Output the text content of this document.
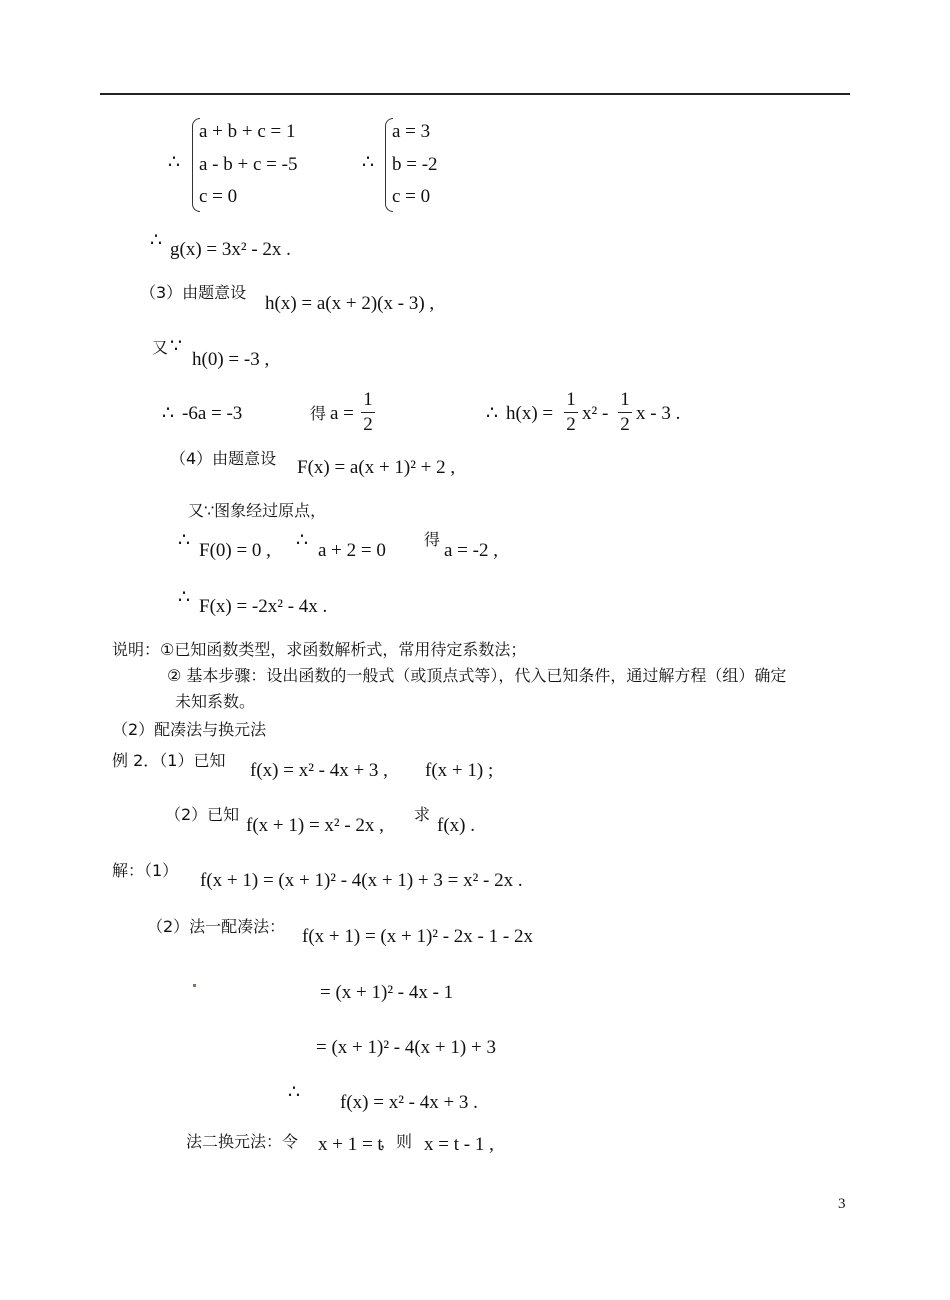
∴
a + b + c = 1
a - b + c = -5
c = 0
∴
a = 3
b = -2
c = 0
∴ g(x) = 3x² - 2x .
（3）由题意设
h(x) = a(x + 2)(x - 3) ,
又 ∵
h(0) = -3 ,
∴ -6a = -3	得 a =
1
2
∴ h(x) =
1
2
x² -
1
2
x - 3 .
（4）由题意设 F(x) = a(x + 1)² + 2 ,
又∵图象经过原点，
∴ F(0) = 0 , ∴ a + 2 = 0
得
a = -2 ,
∴ F(x) = -2x² - 4x .
说明：①已知函数类型，求函数解析式，常用待定系数法；
② 基本步骤：设出函数的一般式（或顶点式等），代入已知条件，通过解方程（组）确定
未知系数。
（2）配凑法与换元法
例 2．（1）已知 f(x) = x² - 4x + 3 , f(x + 1) ;
（2）已知
f(x + 1) = x² - 2x ,
求
f(x) .
解：（1） f(x + 1) = (x + 1)² - 4(x + 1) + 3 = x² - 2x .
（2）法一配凑法： f(x + 1) = (x + 1)² - 2x - 1 - 2x
= (x + 1)² - 4x - 1
= (x + 1)² - 4(x + 1) + 3
∴ f(x) = x² - 4x + 3 .
法二换元法：令 x + 1 = t
，则 x = t - 1 ,
3
